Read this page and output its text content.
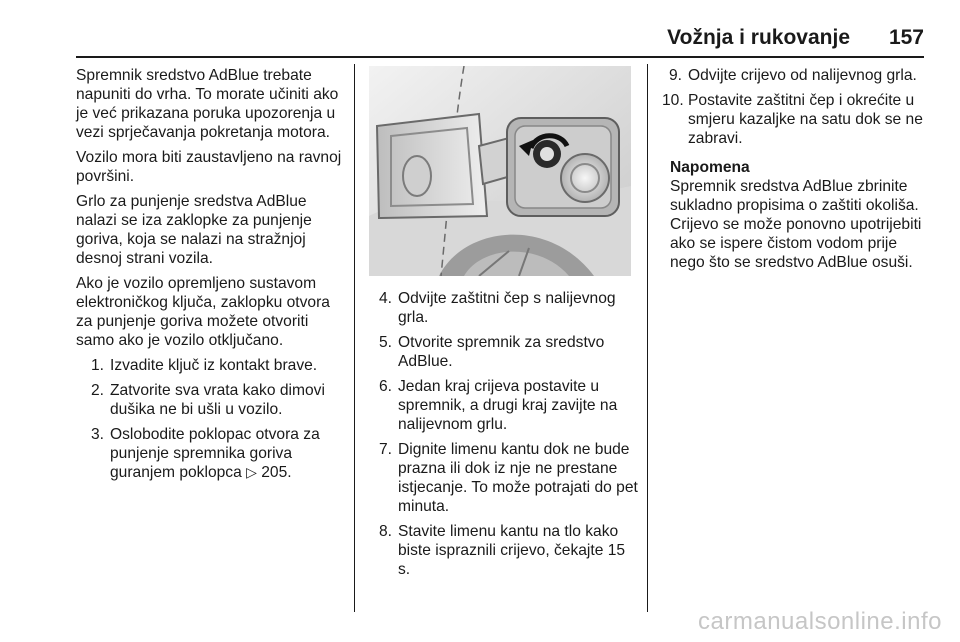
Vožnja i rukovanje 157

Spremnik sredstvo AdBlue trebate napuniti do vrha. To morate učiniti ako je već prikazana poruka upozorenja u vezi sprječavanja pokretanja motora.

Vozilo mora biti zaustavljeno na ravnoj površini.

Grlo za punjenje sredstva AdBlue nalazi se iza zaklopke za punjenje goriva, koja se nalazi na stražnjoj desnoj strani vozila.

Ako je vozilo opremljeno sustavom elektroničkog ključa, zaklopku otvora za punjenje goriva možete otvoriti samo ako je vozilo otključano.

1. Izvadite ključ iz kontakt brave.
2. Zatvorite sva vrata kako dimovi dušika ne bi ušli u vozilo.
3. Oslobodite poklopac otvora za punjenje spremnika goriva guranjem poklopca ▷ 205.
4. Odvijte zaštitni čep s nalijevnog grla.
5. Otvorite spremnik za sredstvo AdBlue.
6. Jedan kraj crijeva postavite u spremnik, a drugi kraj zavijte na nalijevnom grlu.
7. Dignite limenu kantu dok ne bude prazna ili dok iz nje ne prestane istjecanje. To može potrajati do pet minuta.
8. Stavite limenu kantu na tlo kako biste ispraznili crijevo, čekajte 15 s.
9. Odvijte crijevo od nalijevnog grla.
10. Postavite zaštitni čep i okrećite u smjeru kazaljke na satu dok se ne zabravi.
Napomena

Spremnik sredstva AdBlue zbrinite sukladno propisima o zaštiti okoliša. Crijevo se može ponovno upotrijebiti ako se ispere čistom vodom prije nego što se sredstvo AdBlue osuši.

carmanualsonline.info
